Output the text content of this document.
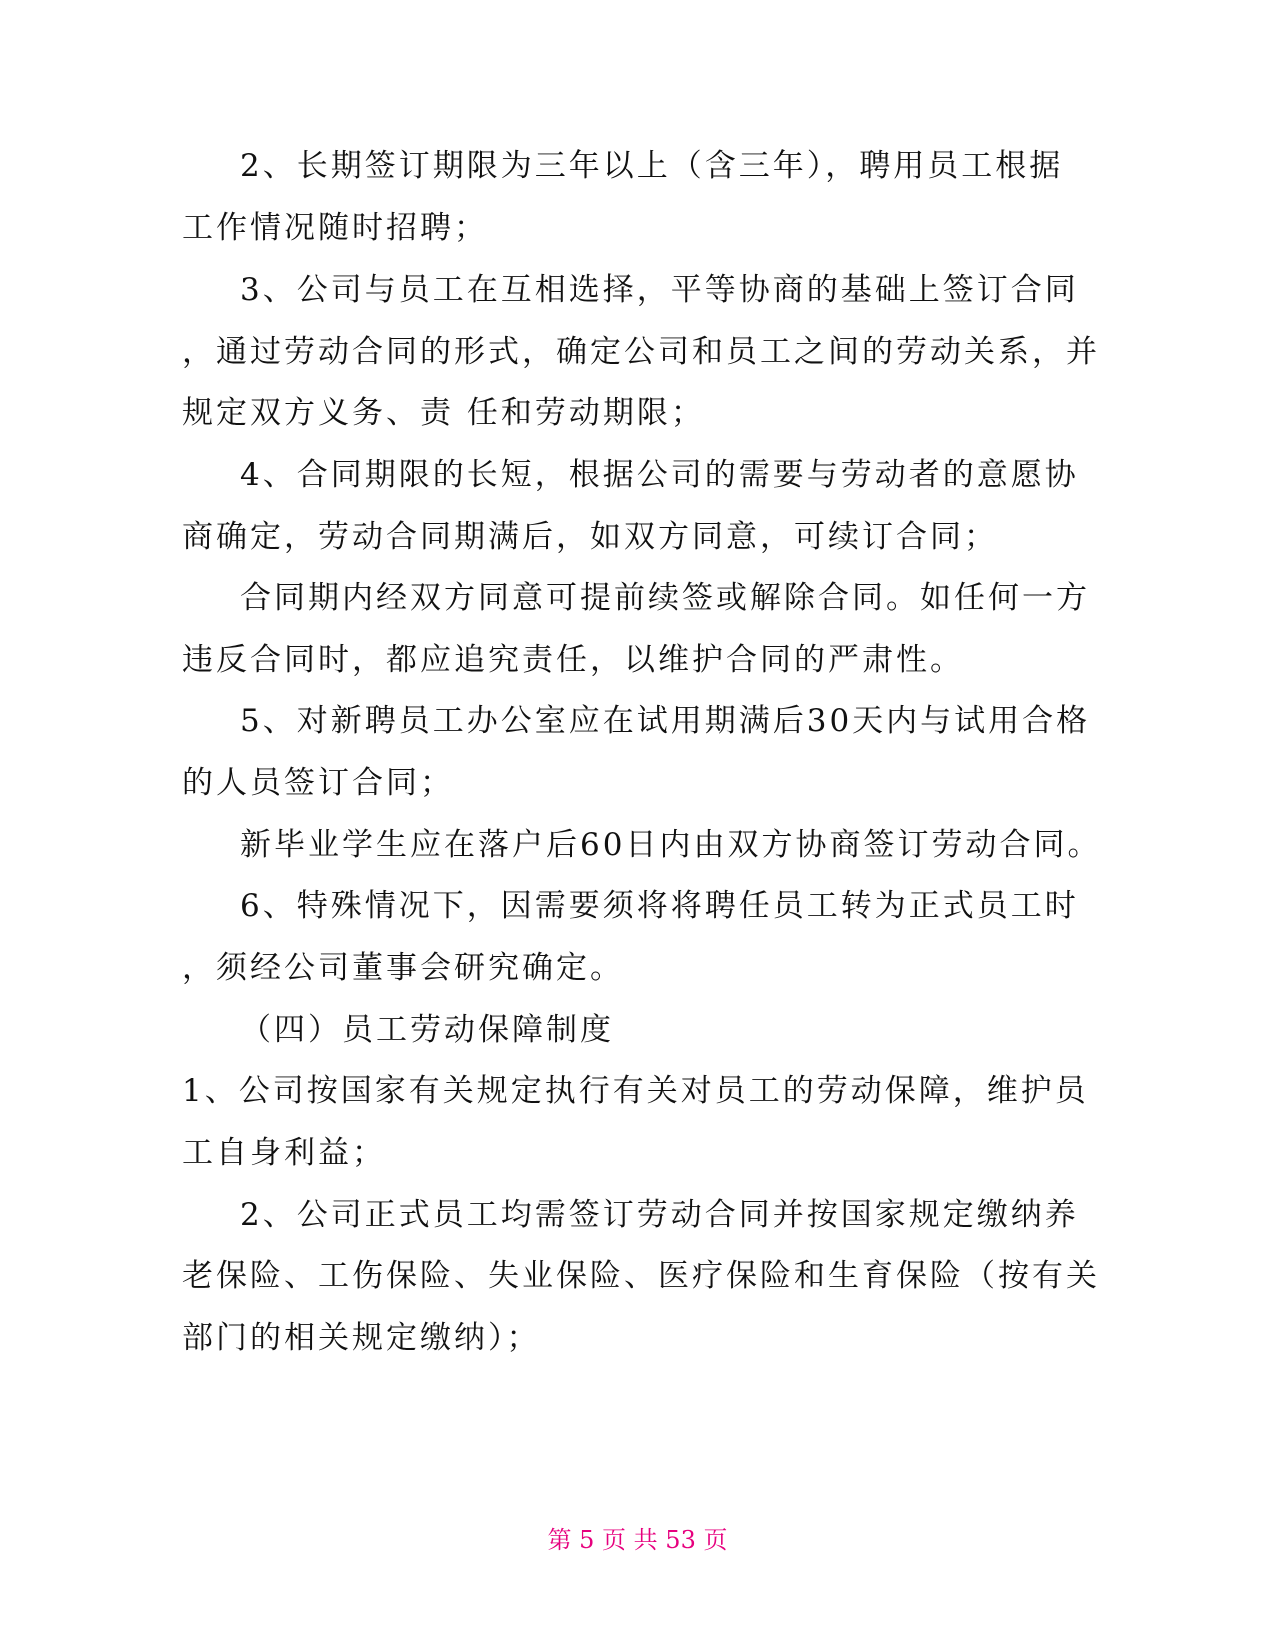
2、长期签订期限为三年以上（含三年），聘用员工根据
工作情况随时招聘；
3、公司与员工在互相选择，平等协商的基础上签订合同
，通过劳动合同的形式，确定公司和员工之间的劳动关系，并
规定双方义务、责 任和劳动期限；
4、合同期限的长短，根据公司的需要与劳动者的意愿协
商确定，劳动合同期满后，如双方同意，可续订合同；
合同期内经双方同意可提前续签或解除合同。如任何一方
违反合同时，都应追究责任，以维护合同的严肃性。
5、对新聘员工办公室应在试用期满后30天内与试用合格
的人员签订合同；
新毕业学生应在落户后60日内由双方协商签订劳动合同。
6、特殊情况下，因需要须将将聘任员工转为正式员工时
，须经公司董事会研究确定。
（四）员工劳动保障制度
1、公司按国家有关规定执行有关对员工的劳动保障，维护员
工自身利益；
2、公司正式员工均需签订劳动合同并按国家规定缴纳养
老保险、工伤保险、失业保险、医疗保险和生育保险（按有关
部门的相关规定缴纳）；
第 5 页 共 53 页
